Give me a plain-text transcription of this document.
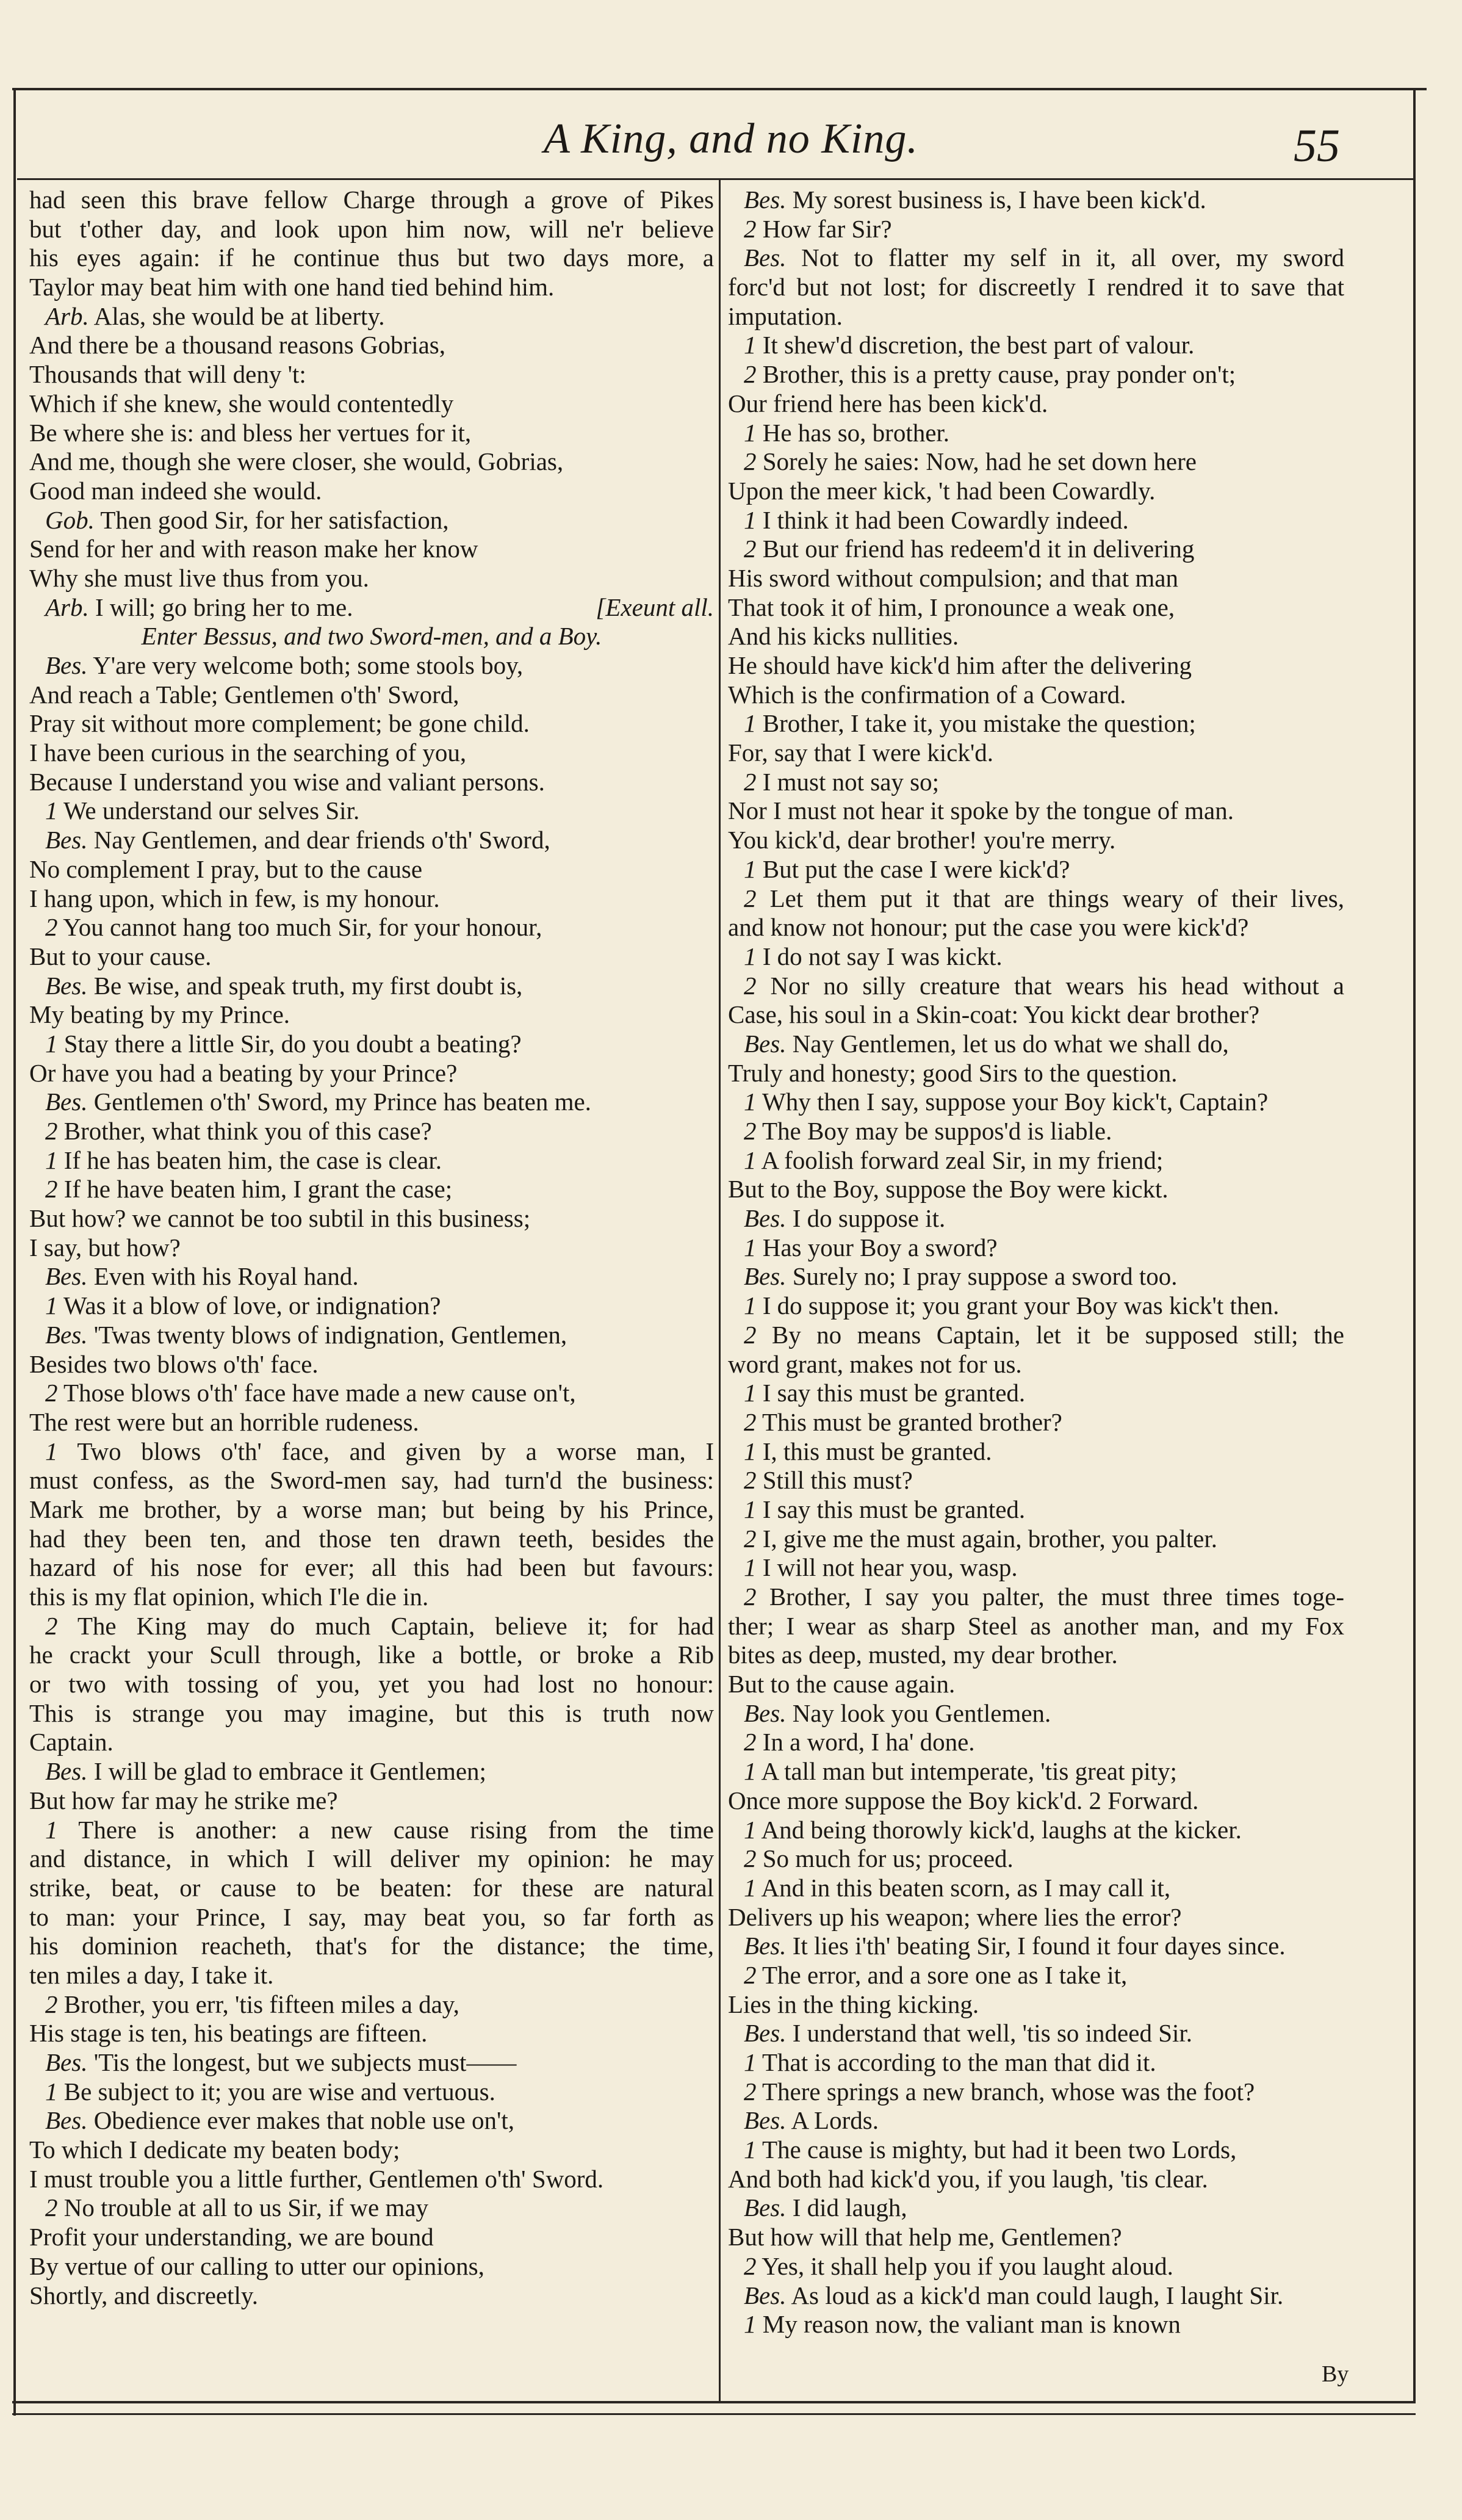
A King, and no King.	55
had seen this brave fellow Charge through a grove of Pikes
but t'other day, and look upon him now, will ne'r believe
his eyes again: if he continue thus but two days more, a
Taylor may beat him with one hand tied behind him.
Arb. Alas, she would be at liberty.
And there be a thousand reasons Gobrias,
Thousands that will deny 't:
Which if she knew, she would contentedly
Be where she is: and bless her vertues for it,
And me, though she were closer, she would, Gobrias,
Good man indeed she would.
Gob. Then good Sir, for her satisfaction,
Send for her and with reason make her know
Why she must live thus from you.
[Exeunt all.
Arb. I will; go bring her to me.
Enter Bessus, and two Sword-men, and a Boy.
Bes. Y'are very welcome both; some stools boy,
And reach a Table; Gentlemen o'th' Sword,
Pray sit without more complement; be gone child.
I have been curious in the searching of you,
Because I understand you wise and valiant persons.
1 We understand our selves Sir.
Bes. Nay Gentlemen, and dear friends o'th' Sword,
No complement I pray, but to the cause
I hang upon, which in few, is my honour.
2 You cannot hang too much Sir, for your honour,
But to your cause.
Bes. Be wise, and speak truth, my first doubt is,
My beating by my Prince.
1 Stay there a little Sir, do you doubt a beating?
Or have you had a beating by your Prince?
Bes. Gentlemen o'th' Sword, my Prince has beaten me.
2 Brother, what think you of this case?
1 If he has beaten him, the case is clear.
2 If he have beaten him, I grant the case;
But how? we cannot be too subtil in this business;
I say, but how?
Bes. Even with his Royal hand.
1 Was it a blow of love, or indignation?
Bes. 'Twas twenty blows of indignation, Gentlemen,
Besides two blows o'th' face.
2 Those blows o'th' face have made a new cause on't,
The rest were but an horrible rudeness.
1 Two blows o'th' face, and given by a worse man, I
must confess, as the Sword-men say, had turn'd the business:
Mark me brother, by a worse man; but being by his Prince,
had they been ten, and those ten drawn teeth, besides the
hazard of his nose for ever; all this had been but favours:
this is my flat opinion, which I'le die in.
2 The King may do much Captain, believe it; for had
he crackt your Scull through, like a bottle, or broke a Rib
or two with tossing of you, yet you had lost no honour:
This is strange you may imagine, but this is truth now
Captain.
Bes. I will be glad to embrace it Gentlemen;
But how far may he strike me?
1 There is another: a new cause rising from the time
and distance, in which I will deliver my opinion: he may
strike, beat, or cause to be beaten: for these are natural
to man: your Prince, I say, may beat you, so far forth as
his dominion reacheth, that's for the distance; the time,
ten miles a day, I take it.
2 Brother, you err, 'tis fifteen miles a day,
His stage is ten, his beatings are fifteen.
Bes. 'Tis the longest, but we subjects must——
1 Be subject to it; you are wise and vertuous.
Bes. Obedience ever makes that noble use on't,
To which I dedicate my beaten body;
I must trouble you a little further, Gentlemen o'th' Sword.
2 No trouble at all to us Sir, if we may
Profit your understanding, we are bound
By vertue of our calling to utter our opinions,
Shortly, and discreetly.
Bes. My sorest business is, I have been kick'd.
2 How far Sir?
Bes. Not to flatter my self in it, all over, my sword
forc'd but not lost; for discreetly I rendred it to save that
imputation.
1 It shew'd discretion, the best part of valour.
2 Brother, this is a pretty cause, pray ponder on't;
Our friend here has been kick'd.
1 He has so, brother.
2 Sorely he saies: Now, had he set down here
Upon the meer kick, 't had been Cowardly.
1 I think it had been Cowardly indeed.
2 But our friend has redeem'd it in delivering
His sword without compulsion; and that man
That took it of him, I pronounce a weak one,
And his kicks nullities.
He should have kick'd him after the delivering
Which is the confirmation of a Coward.
1 Brother, I take it, you mistake the question;
For, say that I were kick'd.
2 I must not say so;
Nor I must not hear it spoke by the tongue of man.
You kick'd, dear brother! you're merry.
1 But put the case I were kick'd?
2 Let them put it that are things weary of their lives,
and know not honour; put the case you were kick'd?
1 I do not say I was kickt.
2 Nor no silly creature that wears his head without a
Case, his soul in a Skin-coat: You kickt dear brother?
Bes. Nay Gentlemen, let us do what we shall do,
Truly and honesty; good Sirs to the question.
1 Why then I say, suppose your Boy kick't, Captain?
2 The Boy may be suppos'd is liable.
1 A foolish forward zeal Sir, in my friend;
But to the Boy, suppose the Boy were kickt.
Bes. I do suppose it.
1 Has your Boy a sword?
Bes. Surely no; I pray suppose a sword too.
1 I do suppose it; you grant your Boy was kick't then.
2 By no means Captain, let it be supposed still; the
word grant, makes not for us.
1 I say this must be granted.
2 This must be granted brother?
1 I, this must be granted.
2 Still this must?
1 I say this must be granted.
2 I, give me the must again, brother, you palter.
1 I will not hear you, wasp.
2 Brother, I say you palter, the must three times toge-
ther; I wear as sharp Steel as another man, and my Fox
bites as deep, musted, my dear brother.
But to the cause again.
Bes. Nay look you Gentlemen.
2 In a word, I ha' done.
1 A tall man but intemperate, 'tis great pity;
Once more suppose the Boy kick'd. 2 Forward.
1 And being thorowly kick'd, laughs at the kicker.
2 So much for us; proceed.
1 And in this beaten scorn, as I may call it,
Delivers up his weapon; where lies the error?
Bes. It lies i'th' beating Sir, I found it four dayes since.
2 The error, and a sore one as I take it,
Lies in the thing kicking.
Bes. I understand that well, 'tis so indeed Sir.
1 That is according to the man that did it.
2 There springs a new branch, whose was the foot?
Bes. A Lords.
1 The cause is mighty, but had it been two Lords,
And both had kick'd you, if you laugh, 'tis clear.
Bes. I did laugh,
But how will that help me, Gentlemen?
2 Yes, it shall help you if you laught aloud.
Bes. As loud as a kick'd man could laugh, I laught Sir.
1 My reason now, the valiant man is known
By
